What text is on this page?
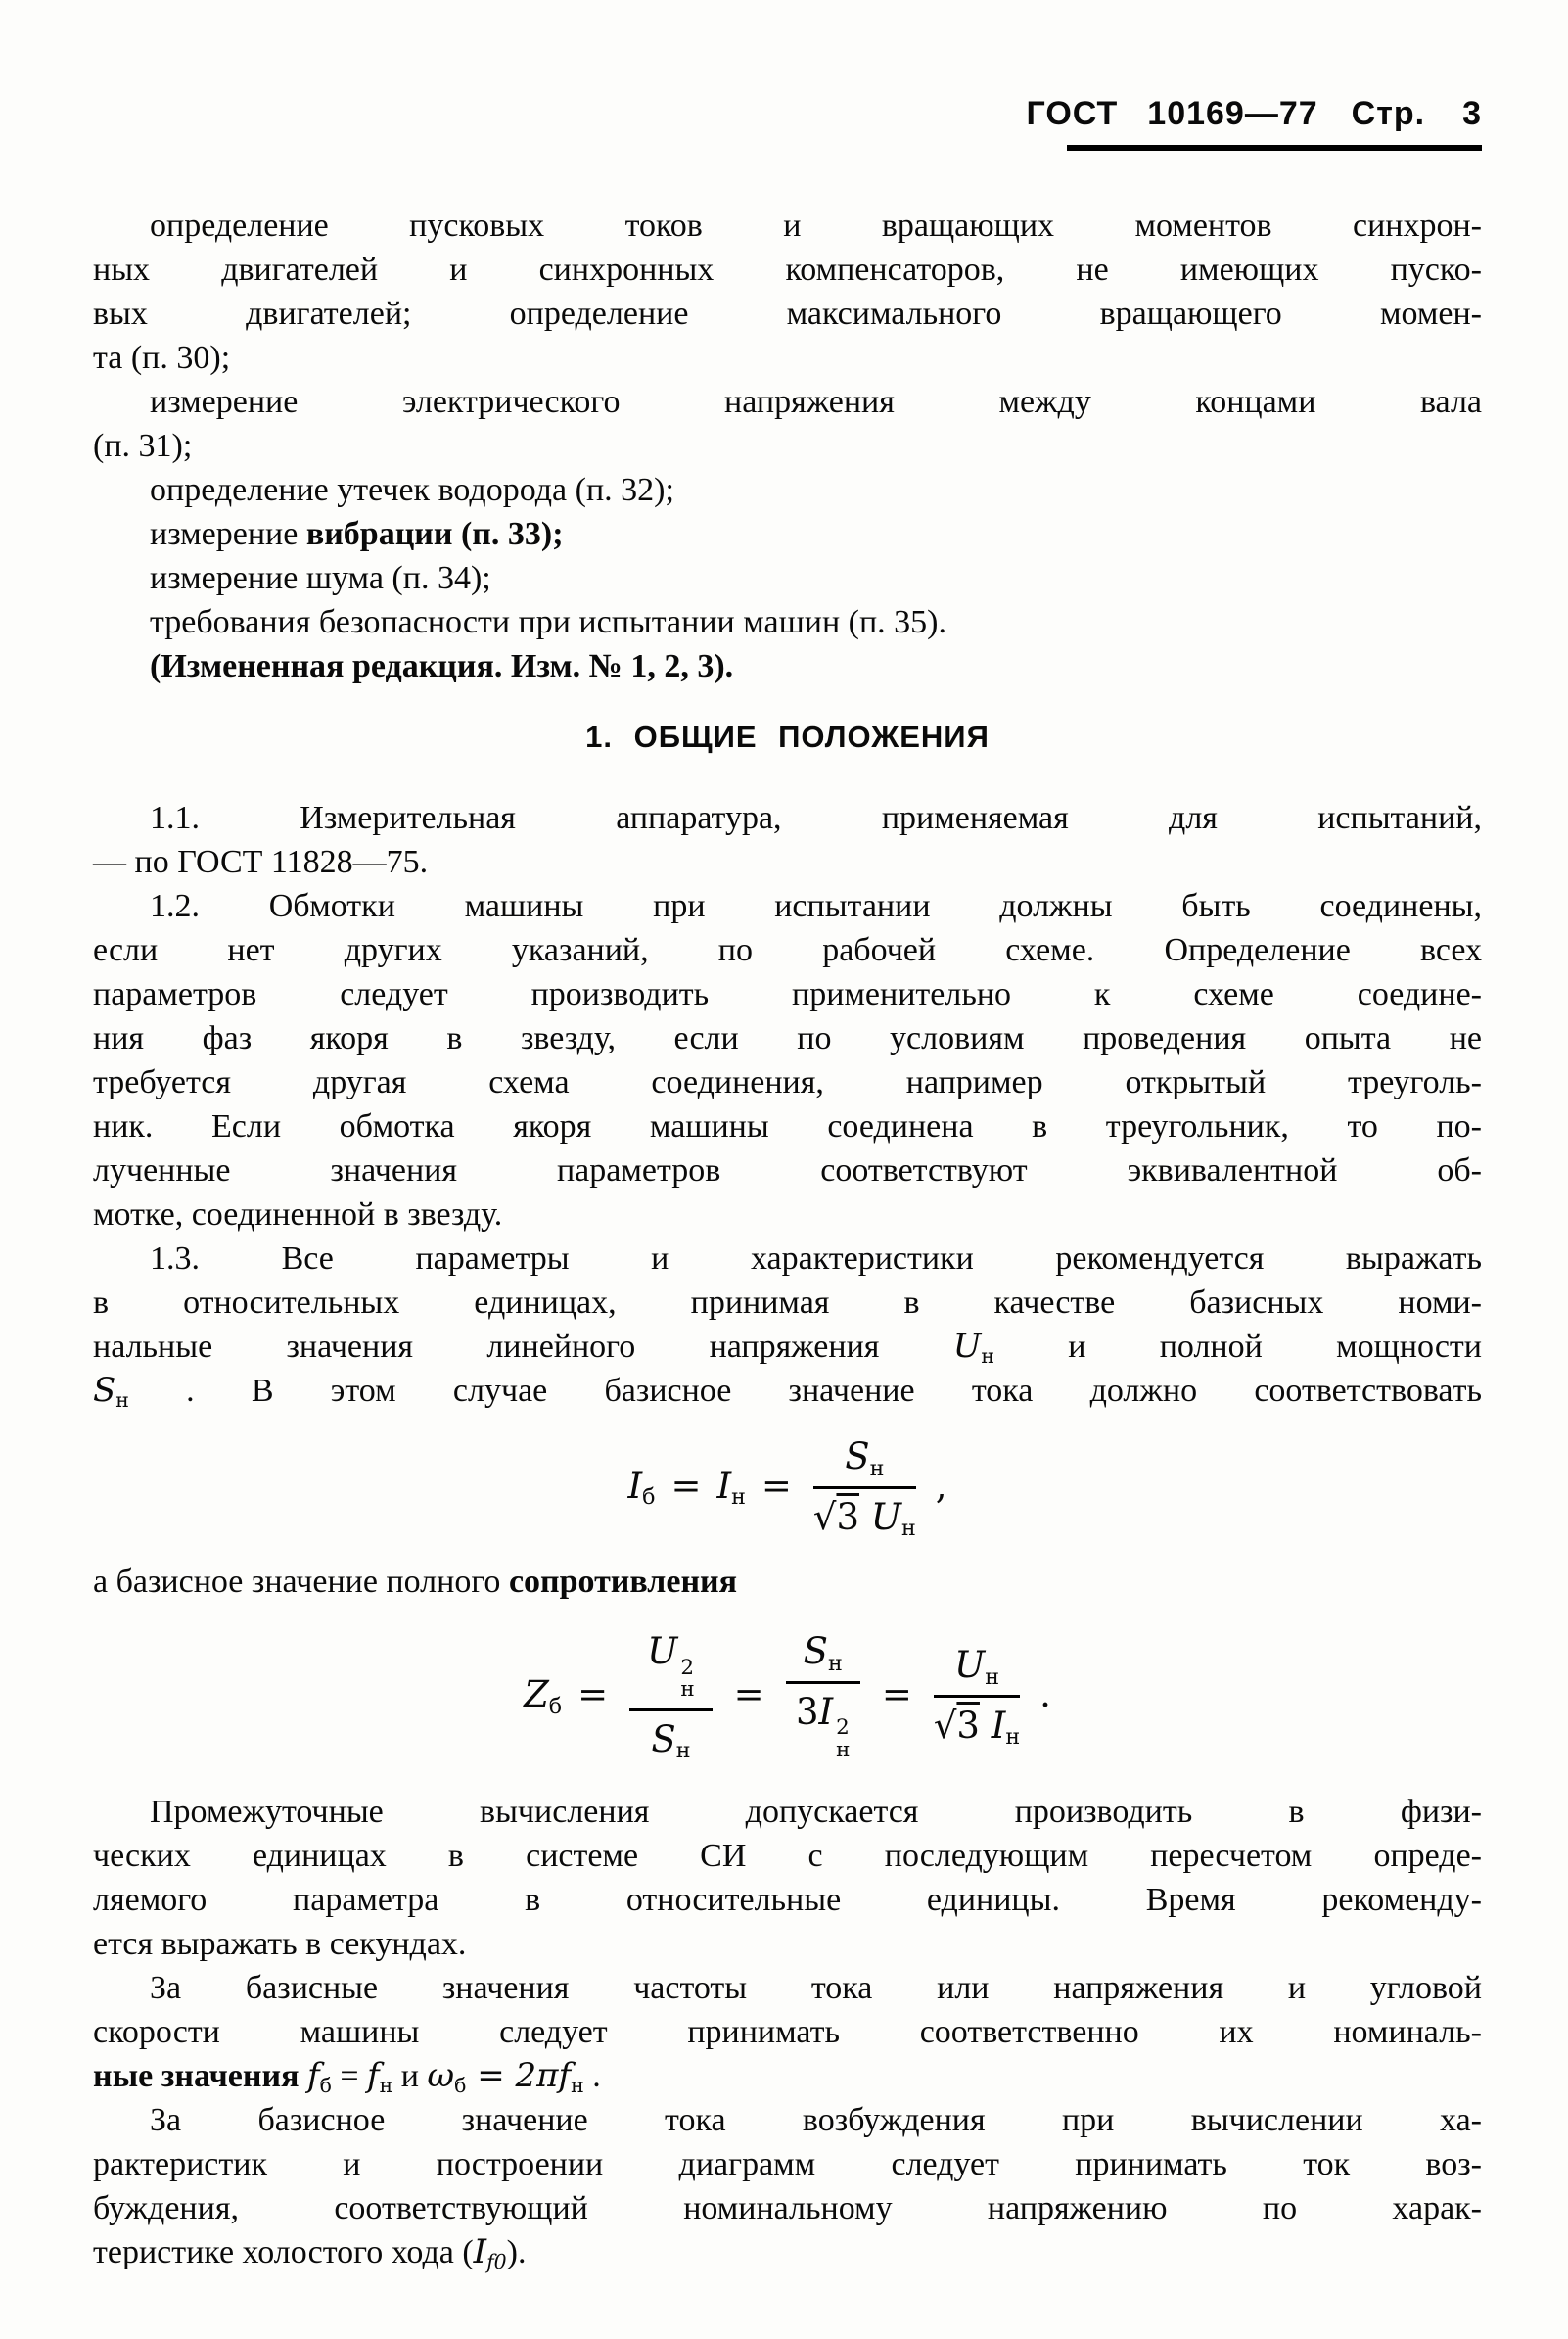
ГОСТ 10169—77 Стр. 3
определение пусковых токов и вращающих моментов синхрон-
ных двигателей и синхронных компенсаторов, не имеющих пуско-
вых двигателей; определение максимального вращающего момен-
та (п. 30);
измерение электрического напряжения между концами вала
(п. 31);
определение утечек водорода (п. 32);
измерение вибрации (п. 33);
измерение шума (п. 34);
требования безопасности при испытании машин (п. 35).
(Измененная редакция. Изм. № 1, 2, 3).
1. ОБЩИЕ ПОЛОЖЕНИЯ
1.1. Измерительная аппаратура, применяемая для испытаний,
— по ГОСТ 11828—75.
1.2. Обмотки машины при испытании должны быть соединены,
если нет других указаний, по рабочей схеме. Определение всех
параметров следует производить применительно к схеме соедине-
ния фаз якоря в звезду, если по условиям проведения опыта не
требуется другая схема соединения, например открытый треуголь-
ник. Если обмотка якоря машины соединена в треугольник, то по-
лученные значения параметров соответствуют эквивалентной об-
мотке, соединенной в звезду.
1.3. Все параметры и характеристики рекомендуется выражать
в относительных единицах, принимая в качестве базисных номи-
нальные значения линейного напряжения $U_н$ и полной мощности
$S_н$ . В этом случае базисное значение тока должно соответствовать
$I_б = I_н = \frac{S_н}{√3 U_н}$ ,
а базисное значение полного сопротивления
$Z_б = U$ 2
н
$S_н = S_н$
3I 2
$н = \frac{U_н}{√3 I_н}$ .
Промежуточные вычисления допускается производить в физи-
ческих единицах в системе СИ с последующим пересчетом опреде-
ляемого параметра в относительные единицы. Время рекоменду-
ется выражать в секундах.
За базисные значения частоты тока или напряжения и угловой
скорости машины следует принимать соответственно их номиналь-
ные значения $f_б = f_н$ и $\omega_б = 2\pi f_н$ .
За базисное значение тока возбуждения при вычислении ха-
рактеристик и построении диаграмм следует принимать ток воз-
буждения, соответствующий номинальному напряжению по харак-
теристике холостого хода $(I_{f0})$.
